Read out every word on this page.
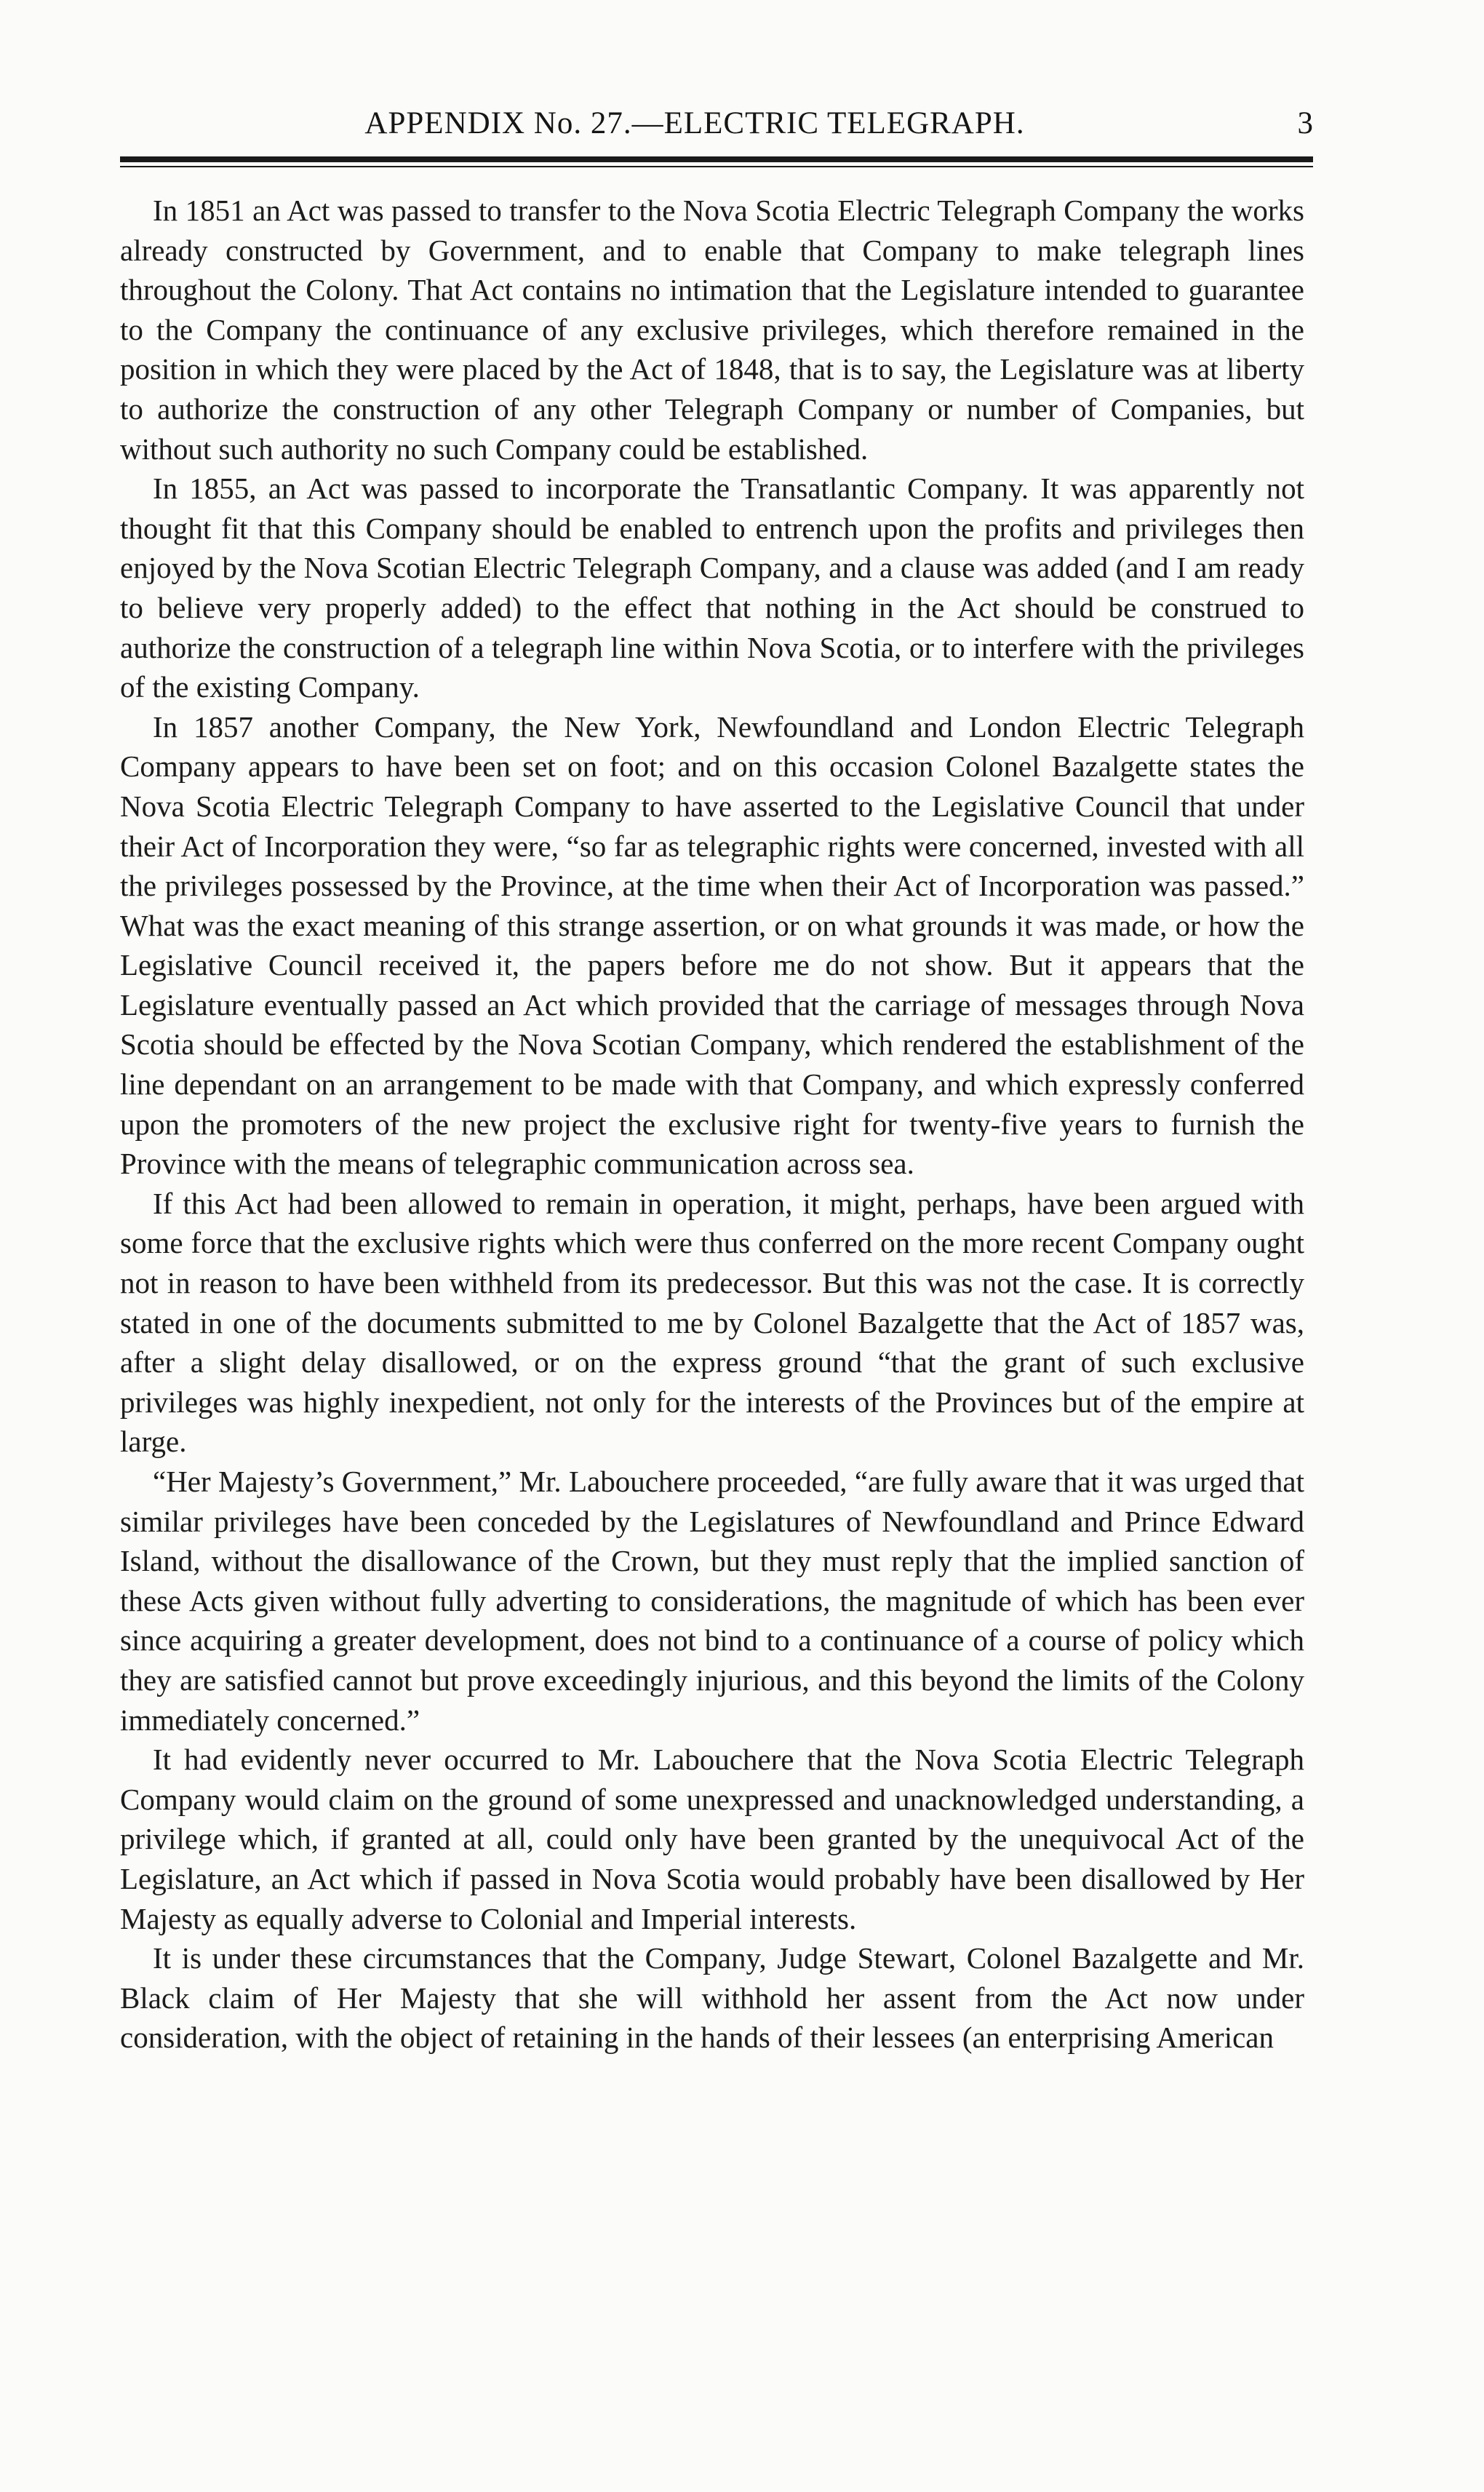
APPENDIX No. 27.—ELECTRIC TELEGRAPH.	3

In 1851 an Act was passed to transfer to the Nova Scotia Electric Telegraph Company the works already constructed by Government, and to enable that Company to make telegraph lines throughout the Colony. That Act contains no intimation that the Legislature intended to guarantee to the Company the continuance of any exclusive privileges, which therefore remained in the position in which they were placed by the Act of 1848, that is to say, the Legislature was at liberty to authorize the construction of any other Telegraph Company or number of Companies, but without such authority no such Company could be established.

In 1855, an Act was passed to incorporate the Transatlantic Company. It was apparently not thought fit that this Company should be enabled to entrench upon the profits and privileges then enjoyed by the Nova Scotian Electric Telegraph Company, and a clause was added (and I am ready to believe very properly added) to the effect that nothing in the Act should be construed to authorize the construction of a telegraph line within Nova Scotia, or to interfere with the privileges of the existing Company.

In 1857 another Company, the New York, Newfoundland and London Electric Telegraph Company appears to have been set on foot; and on this occasion Colonel Bazalgette states the Nova Scotia Electric Telegraph Company to have asserted to the Legislative Council that under their Act of Incorporation they were, “so far as telegraphic rights were concerned, invested with all the privileges possessed by the Province, at the time when their Act of Incorporation was passed.” What was the exact meaning of this strange assertion, or on what grounds it was made, or how the Legislative Council received it, the papers before me do not show. But it appears that the Legislature eventually passed an Act which provided that the carriage of messages through Nova Scotia should be effected by the Nova Scotian Company, which rendered the establishment of the line dependant on an arrangement to be made with that Company, and which expressly conferred upon the promoters of the new project the exclusive right for twenty-five years to furnish the Province with the means of telegraphic communication across sea.

If this Act had been allowed to remain in operation, it might, perhaps, have been argued with some force that the exclusive rights which were thus conferred on the more recent Company ought not in reason to have been withheld from its predecessor. But this was not the case. It is correctly stated in one of the documents submitted to me by Colonel Bazalgette that the Act of 1857 was, after a slight delay disallowed, or on the express ground “that the grant of such exclusive privileges was highly inexpedient, not only for the interests of the Provinces but of the empire at large.

“Her Majesty’s Government,” Mr. Labouchere proceeded, “are fully aware that it was urged that similar privileges have been conceded by the Legislatures of Newfoundland and Prince Edward Island, without the disallowance of the Crown, but they must reply that the implied sanction of these Acts given without fully adverting to considerations, the magnitude of which has been ever since acquiring a greater development, does not bind to a continuance of a course of policy which they are satisfied cannot but prove exceedingly injurious, and this beyond the limits of the Colony immediately concerned.”

It had evidently never occurred to Mr. Labouchere that the Nova Scotia Electric Telegraph Company would claim on the ground of some unexpressed and unacknowledged understanding, a privilege which, if granted at all, could only have been granted by the unequivocal Act of the Legislature, an Act which if passed in Nova Scotia would probably have been disallowed by Her Majesty as equally adverse to Colonial and Imperial interests.

It is under these circumstances that the Company, Judge Stewart, Colonel Bazalgette and Mr. Black claim of Her Majesty that she will withhold her assent from the Act now under consideration, with the object of retaining in the hands of their lessees (an enterprising American
